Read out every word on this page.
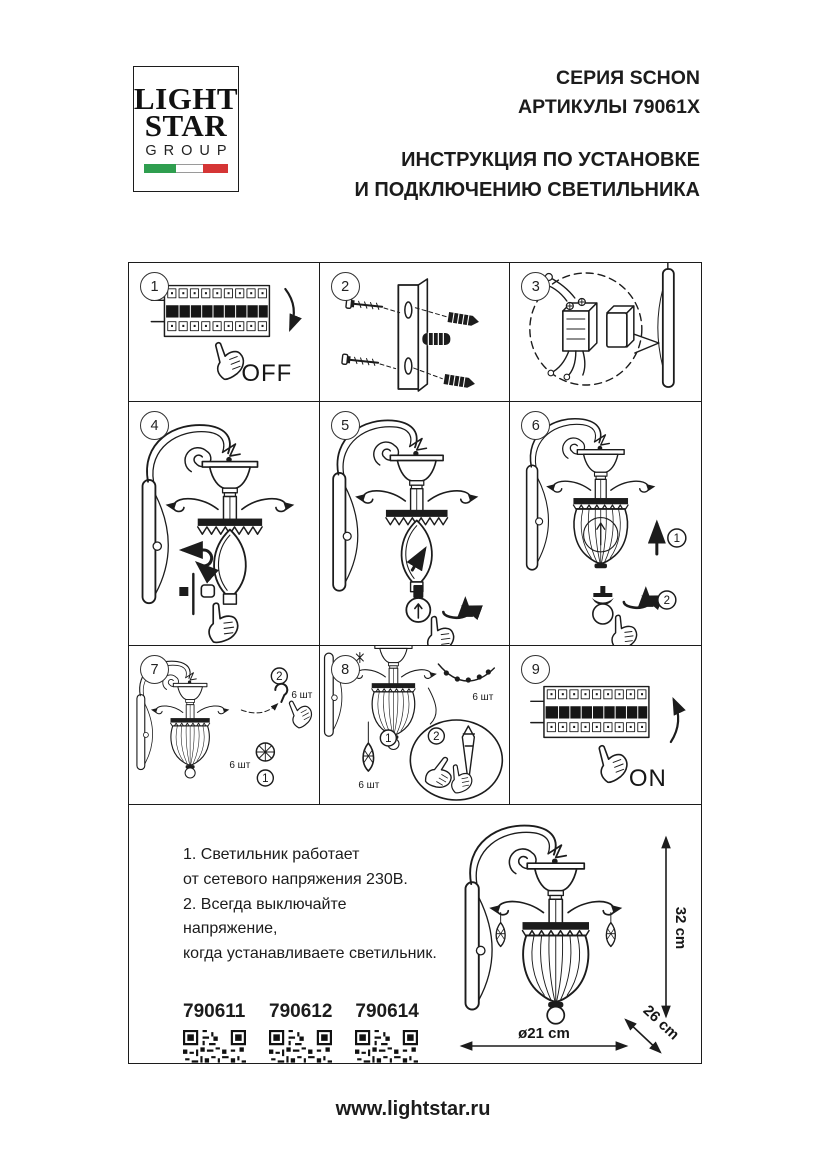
LIGHT
STAR
GROUP
СЕРИЯ SCHON
АРТИКУЛЫ 79061X
ИНСТРУКЦИЯ ПО УСТАНОВКЕ
И ПОДКЛЮЧЕНИЮ СВЕТИЛЬНИКА
1
OFF
2	3
4	5	6
1
2
7	2
6 шт
6 шт
1
8
6 шт
1
6 шт
2
9
ON
1. Светильник работает
от сетевого напряжения 230В.
2. Всегда выключайте напряжение,
когда устанавливаете светильник.
790611 790612 790614
32 cm
26 cm
ø21 cm
www.lightstar.ru
